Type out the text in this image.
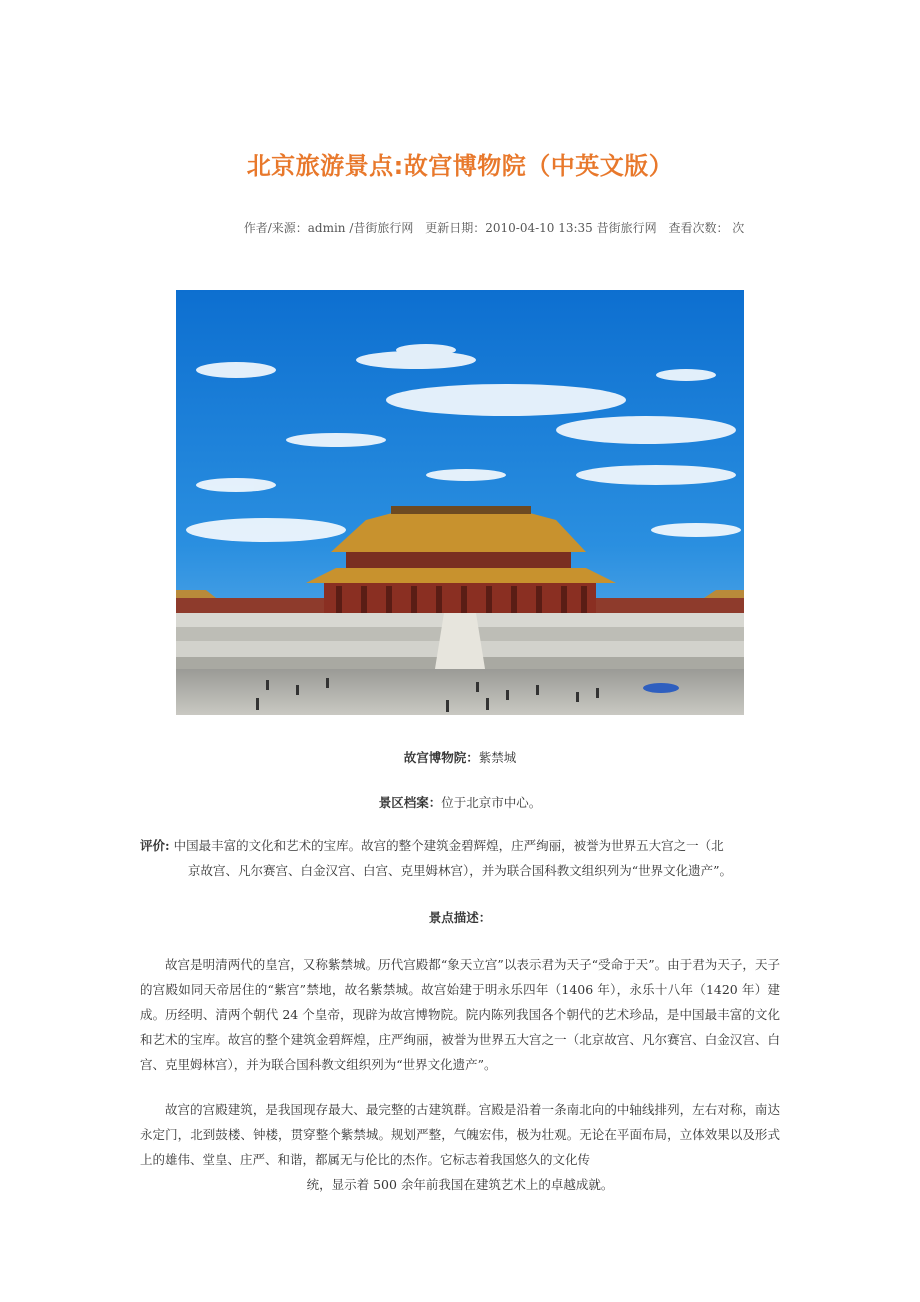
北京旅游景点:故宫博物院（中英文版）
作者/来源：admin /昔街旅行网 更新日期：2010-04-10 13:35 昔街旅行网 查看次数： 次
故宫博物院：紫禁城
景区档案：位于北京市中心。
评价: 中国最丰富的文化和艺术的宝库。故宫的整个建筑金碧辉煌，庄严绚丽，被誉为世界五大宫之一（北
京故宫、凡尔赛宫、白金汉宫、白宫、克里姆林宫），并为联合国科教文组织列为“世界文化遗产”。
景点描述：
故宫是明清两代的皇宫，又称紫禁城。历代宫殿都“象天立宫”以表示君为天子“受命于天”。由于君为天子，天子的宫殿如同天帝居住的“紫宫”禁地，故名紫禁城。故宫始建于明永乐四年（1406 年），永乐十八年（1420 年）建成。历经明、清两个朝代 24 个皇帝，现辟为故宫博物院。院内陈列我国各个朝代的艺术珍品，是中国最丰富的文化和艺术的宝库。故宫的整个建筑金碧辉煌，庄严绚丽，被誉为世界五大宫之一（北京故宫、凡尔赛宫、白金汉宫、白宫、克里姆林宫），并为联合国科教文组织列为“世界文化遗产”。
故宫的宫殿建筑，是我国现存最大、最完整的古建筑群。宫殿是沿着一条南北向的中轴线排列，左右对称，南达永定门，北到鼓楼、钟楼，贯穿整个紫禁城。规划严整，气魄宏伟，极为壮观。无论在平面布局，立体效果以及形式上的雄伟、堂皇、庄严、和谐，都属无与伦比的杰作。它标志着我国悠久的文化传
统，显示着 500 余年前我国在建筑艺术上的卓越成就。
